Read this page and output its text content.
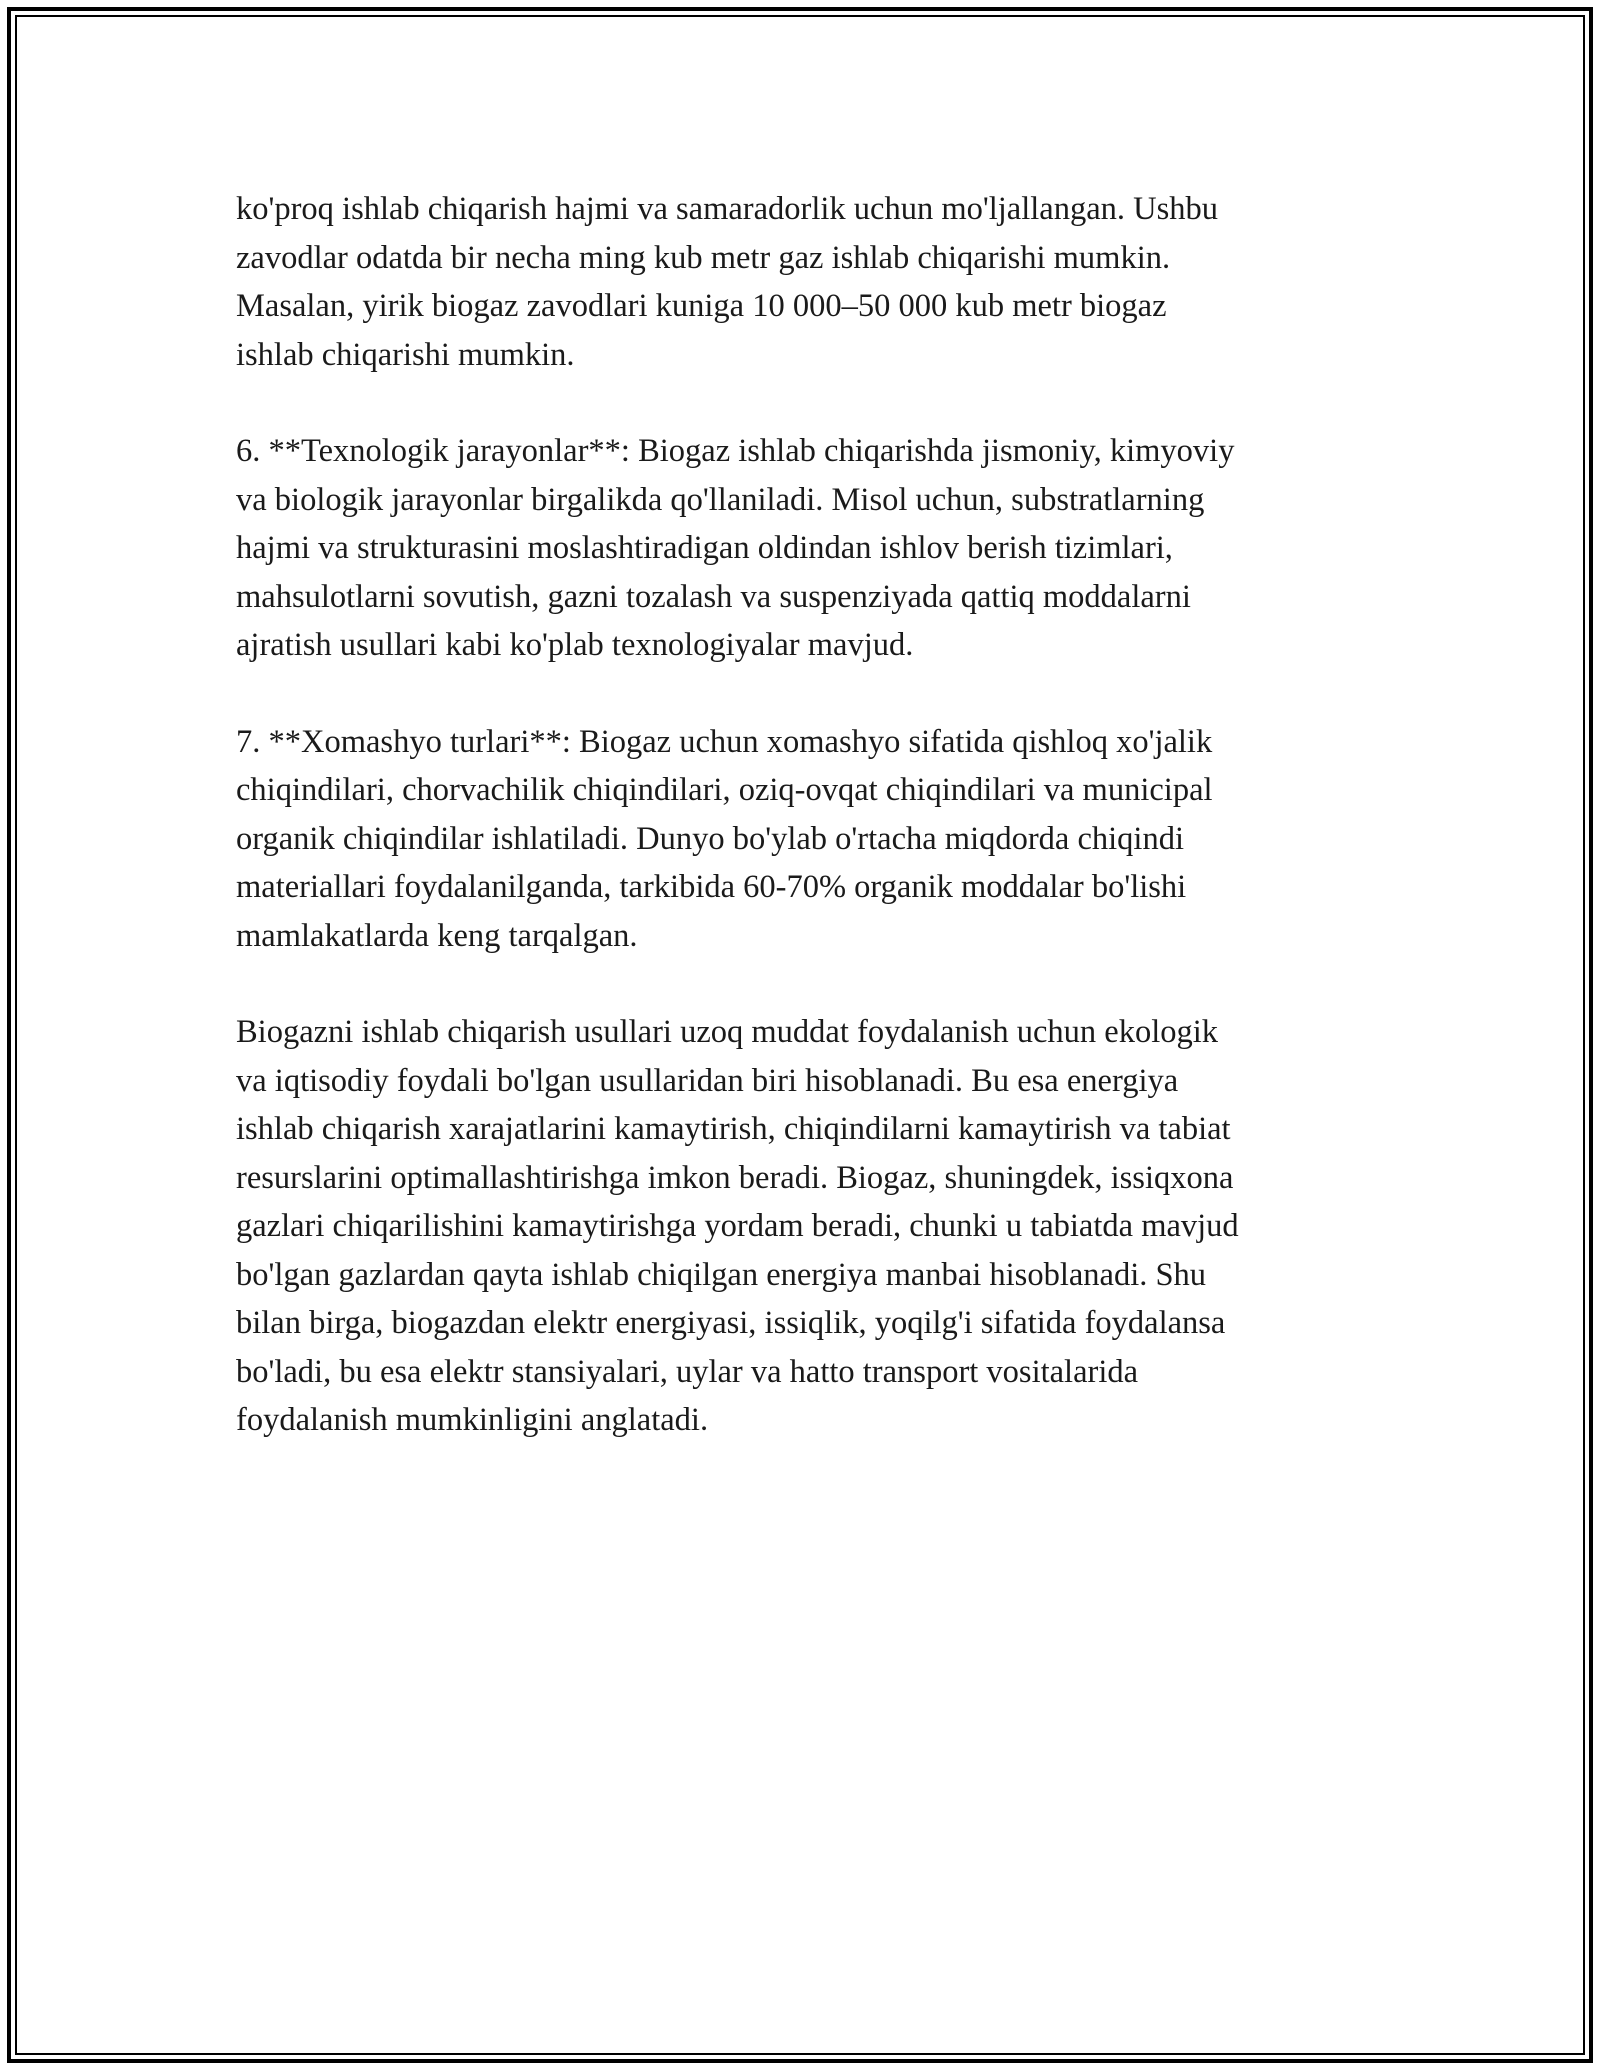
ko'proq ishlab chiqarish hajmi va samaradorlik uchun mo'ljallangan. Ushbu
zavodlar odatda bir necha ming kub metr gaz ishlab chiqarishi mumkin.
Masalan, yirik biogaz zavodlari kuniga 10 000–50 000 kub metr biogaz
ishlab chiqarishi mumkin.

6. **Texnologik jarayonlar**: Biogaz ishlab chiqarishda jismoniy, kimyoviy
va biologik jarayonlar birgalikda qo'llaniladi. Misol uchun, substratlarning
hajmi va strukturasini moslashtiradigan oldindan ishlov berish tizimlari,
mahsulotlarni sovutish, gazni tozalash va suspenziyada qattiq moddalarni
ajratish usullari kabi ko'plab texnologiyalar mavjud.

7. **Xomashyo turlari**: Biogaz uchun xomashyo sifatida qishloq xo'jalik
chiqindilari, chorvachilik chiqindilari, oziq-ovqat chiqindilari va municipal
organik chiqindilar ishlatiladi. Dunyo bo'ylab o'rtacha miqdorda chiqindi
materiallari foydalanilganda, tarkibida 60-70% organik moddalar bo'lishi
mamlakatlarda keng tarqalgan.

Biogazni ishlab chiqarish usullari uzoq muddat foydalanish uchun ekologik
va iqtisodiy foydali bo'lgan usullaridan biri hisoblanadi. Bu esa energiya
ishlab chiqarish xarajatlarini kamaytirish, chiqindilarni kamaytirish va tabiat
resurslarini optimallashtirishga imkon beradi. Biogaz, shuningdek, issiqxona
gazlari chiqarilishini kamaytirishga yordam beradi, chunki u tabiatda mavjud
bo'lgan gazlardan qayta ishlab chiqilgan energiya manbai hisoblanadi. Shu
bilan birga, biogazdan elektr energiyasi, issiqlik, yoqilg'i sifatida foydalansa
bo'ladi, bu esa elektr stansiyalari, uylar va hatto transport vositalarida
foydalanish mumkinligini anglatadi.
